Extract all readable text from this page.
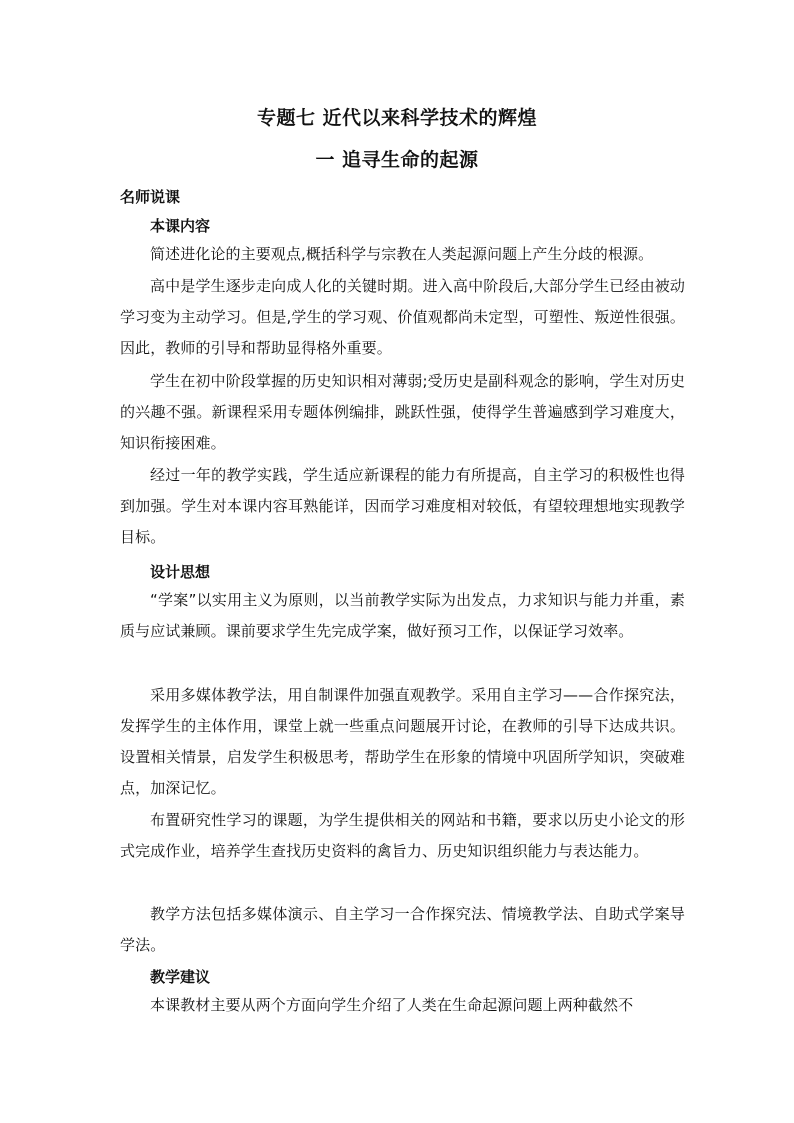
专题七 近代以来科学技术的辉煌
一 追寻生命的起源
名师说课
本课内容

简述进化论的主要观点,概括科学与宗教在人类起源问题上产生分歧的根源。

高中是学生逐步走向成人化的关键时期。进入高中阶段后,大部分学生已经由被动学习变为主动学习。但是,学生的学习观、价值观都尚未定型，可塑性、叛逆性很强。因此，教师的引导和帮助显得格外重要。

学生在初中阶段掌握的历史知识相对薄弱;受历史是副科观念的影响，学生对历史的兴趣不强。新课程采用专题体例编排，跳跃性强，使得学生普遍感到学习难度大，知识衔接困难。

经过一年的教学实践，学生适应新课程的能力有所提高，自主学习的积极性也得到加强。学生对本课内容耳熟能详，因而学习难度相对较低，有望较理想地实现教学目标。

设计思想

“学案”以实用主义为原则，以当前教学实际为出发点，力求知识与能力并重，素质与应试兼顾。课前要求学生先完成学案，做好预习工作，以保证学习效率。

采用多媒体教学法，用自制课件加强直观教学。采用自主学习——合作探究法，发挥学生的主体作用，课堂上就一些重点问题展开讨论，在教师的引导下达成共识。设置相关情景，启发学生积极思考，帮助学生在形象的情境中巩固所学知识，突破难点，加深记忆。

布置研究性学习的课题，为学生提供相关的网站和书籍，要求以历史小论文的形式完成作业，培养学生查找历史资料的禽旨力、历史知识组织能力与表达能力。

教学方法包括多媒体演示、自主学习一合作探究法、情境教学法、自助式学案导学法。

教学建议

本课教材主要从两个方面向学生介绍了人类在生命起源问题上两种截然不
